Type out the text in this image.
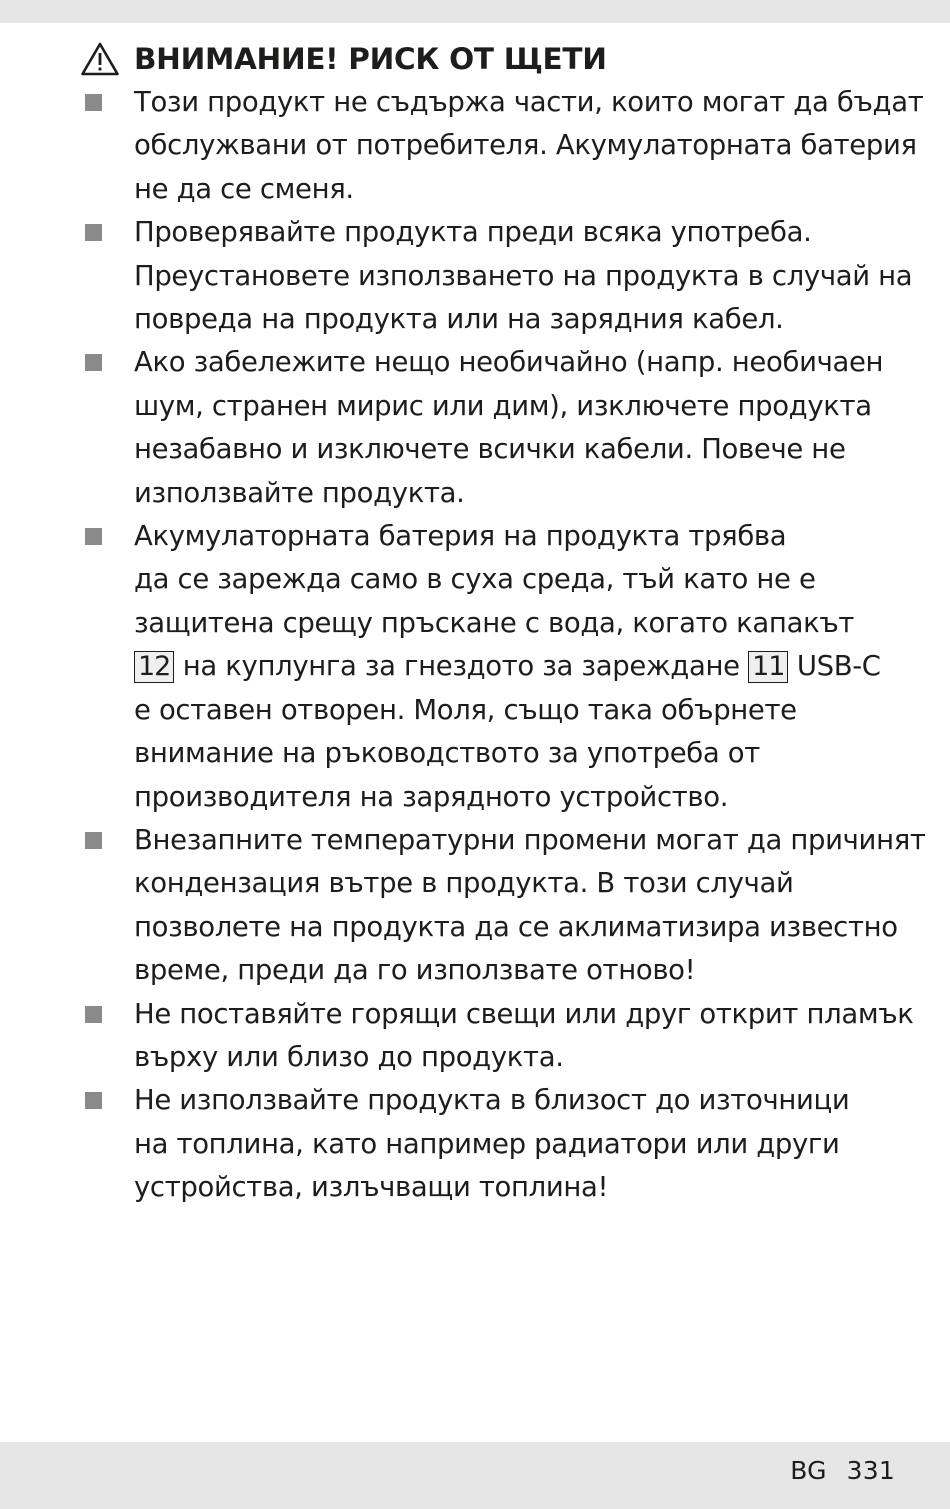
ВНИМАНИЕ! РИСК ОТ ЩЕТИ
Този продукт не съдържа части, които могат да бъдат
обслужвани от потребителя. Акумулаторната батерия
не да се сменя.
Проверявайте продукта преди всяка употреба.
Преустановете използването на продукта в случай на
повреда на продукта или на зарядния кабел.
Ако забележите нещо необичайно (напр. необичаен
шум, странен мирис или дим), изключете продукта
незабавно и изключете всички кабели. Повече не
използвайте продукта.
Акумулаторната батерия на продукта трябва
да се зарежда само в суха среда, тъй като не е
защитена срещу пръскане с вода, когато капакът
12 на куплунга за гнездото за зареждане 11 USB-C
е оставен отворен. Моля, също така обърнете
внимание на ръководството за употреба от
производителя на зарядното устройство.
Внезапните температурни промени могат да причинят
кондензация вътре в продукта. В този случай
позволете на продукта да се аклиматизира известно
време, преди да го използвате отново!
Не поставяйте горящи свещи или друг открит пламък
върху или близо до продукта.
Не използвайте продукта в близост до източници
на топлина, като например радиатори или други
устройства, излъчващи топлина!
BG 331
